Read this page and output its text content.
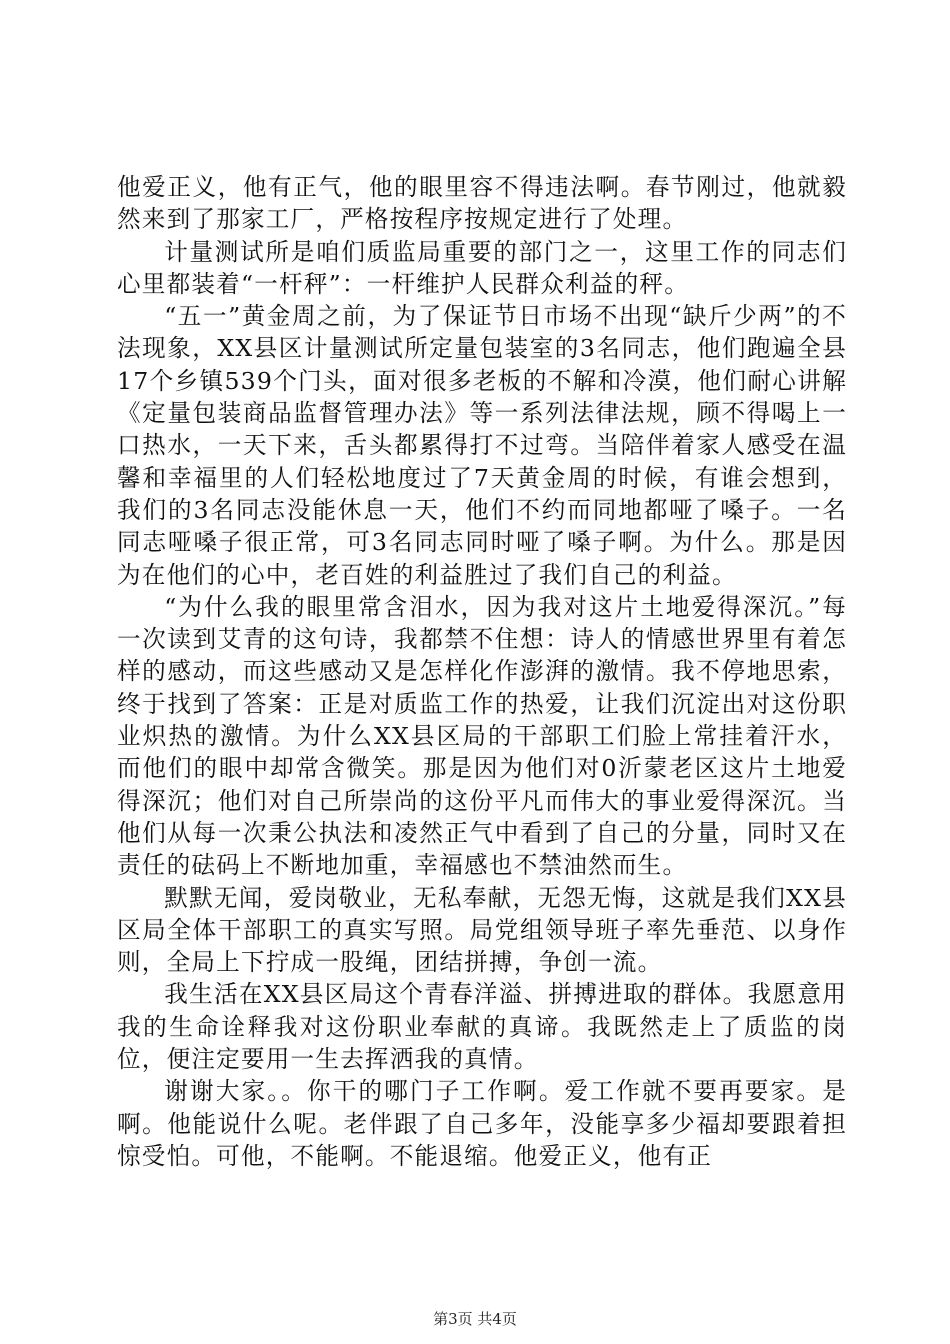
他爱正义，他有正气，他的眼里容不得违法啊。春节刚过，他就毅然来到了那家工厂，严格按程序按规定进行了处理。

计量测试所是咱们质监局重要的部门之一，这里工作的同志们心里都装着“一杆秤”：一杆维护人民群众利益的秤。

“五一”黄金周之前，为了保证节日市场不出现“缺斤少两”的不法现象，XX县区计量测试所定量包装室的3名同志，他们跑遍全县17个乡镇539个门头，面对很多老板的不解和冷漠，他们耐心讲解《定量包装商品监督管理办法》等一系列法律法规，顾不得喝上一口热水，一天下来，舌头都累得打不过弯。当陪伴着家人感受在温馨和幸福里的人们轻松地度过了7天黄金周的时候，有谁会想到，我们的3名同志没能休息一天，他们不约而同地都哑了嗓子。一名同志哑嗓子很正常，可3名同志同时哑了嗓子啊。为什么。那是因为在他们的心中，老百姓的利益胜过了我们自己的利益。

“为什么我的眼里常含泪水，因为我对这片土地爱得深沉。”每一次读到艾青的这句诗，我都禁不住想：诗人的情感世界里有着怎样的感动，而这些感动又是怎样化作澎湃的激情。我不停地思索，终于找到了答案：正是对质监工作的热爱，让我们沉淀出对这份职业炽热的激情。为什么XX县区局的干部职工们脸上常挂着汗水，而他们的眼中却常含微笑。那是因为他们对0沂蒙老区这片土地爱得深沉；他们对自己所崇尚的这份平凡而伟大的事业爱得深沉。当他们从每一次秉公执法和凌然正气中看到了自己的分量，同时又在责任的砝码上不断地加重，幸福感也不禁油然而生。

默默无闻，爱岗敬业，无私奉献，无怨无悔，这就是我们XX县区局全体干部职工的真实写照。局党组领导班子率先垂范、以身作则，全局上下拧成一股绳，团结拼搏，争创一流。

我生活在XX县区局这个青春洋溢、拼搏进取的群体。我愿意用我的生命诠释我对这份职业奉献的真谛。我既然走上了质监的岗位，便注定要用一生去挥洒我的真情。

谢谢大家。。你干的哪门子工作啊。爱工作就不要再要家。是啊。他能说什么呢。老伴跟了自己多年，没能享多少福却要跟着担惊受怕。可他，不能啊。不能退缩。他爱正义，他有正

第3页 共4页
